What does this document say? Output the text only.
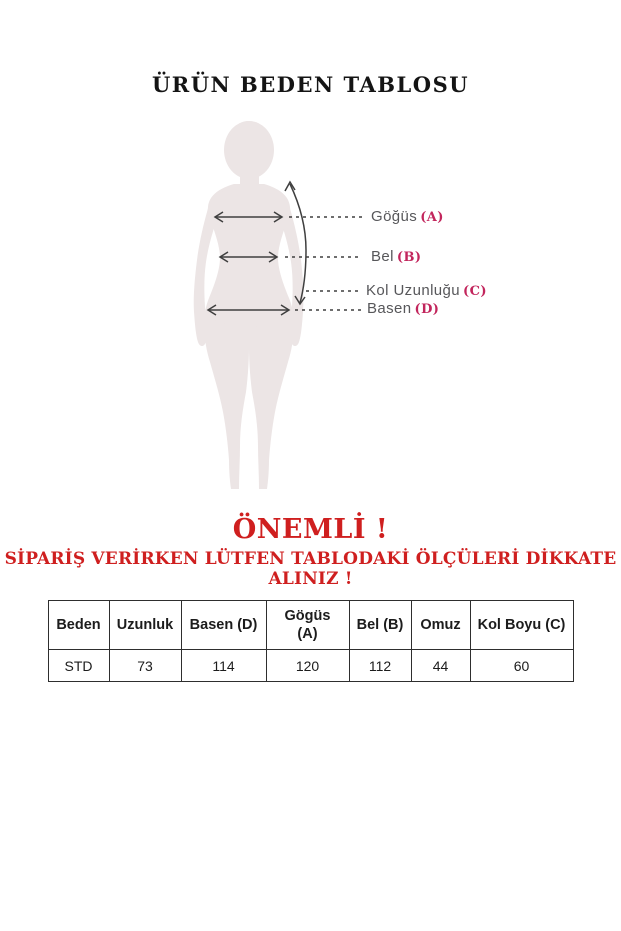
ÜRÜN BEDEN TABLOSU
Göğüs (A)
Bel (B)
Kol Uzunluğu (C)
Basen (D)
ÖNEMLİ !
SİPARİŞ VERİRKEN LÜTFEN TABLODAKİ ÖLÇÜLERİ DİKKATE ALINIZ !
Beden	Uzunluk	Basen (D)	Gögüs (A)	Bel (B)	Omuz	Kol Boyu (C)
STD	73	114	120	112	44	60
